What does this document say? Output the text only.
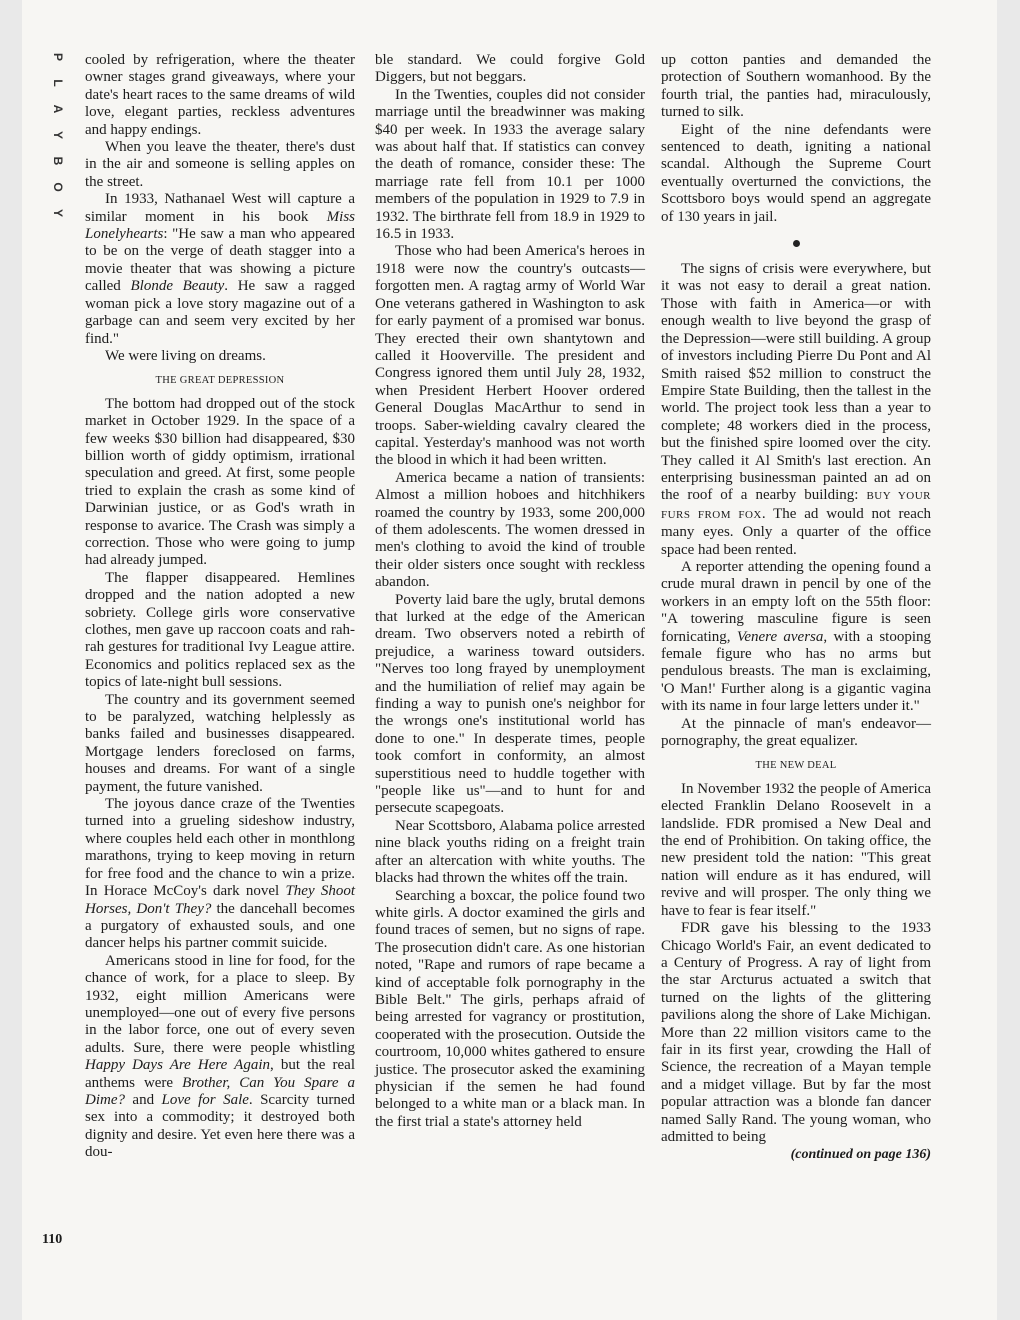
P
L
A
Y
B
O
Y

cooled by refrigeration, where the theater owner stages grand giveaways, where your date's heart races to the same dreams of wild love, elegant parties, reckless adventures and happy endings.

When you leave the theater, there's dust in the air and someone is selling apples on the street.

In 1933, Nathanael West will capture a similar moment in his book Miss Lonelyhearts: "He saw a man who appeared to be on the verge of death stagger into a movie theater that was showing a picture called Blonde Beauty. He saw a ragged woman pick a love story magazine out of a garbage can and seem very excited by her find."

We were living on dreams.

THE GREAT DEPRESSION

The bottom had dropped out of the stock market in October 1929. In the space of a few weeks $30 billion had disappeared, $30 billion worth of giddy optimism, irrational speculation and greed. At first, some people tried to explain the crash as some kind of Darwinian justice, or as God's wrath in response to avarice. The Crash was simply a correction. Those who were going to jump had already jumped.

The flapper disappeared. Hemlines dropped and the nation adopted a new sobriety. College girls wore conservative clothes, men gave up raccoon coats and rah-rah gestures for traditional Ivy League attire. Economics and politics replaced sex as the topics of late-night bull sessions.

The country and its government seemed to be paralyzed, watching helplessly as banks failed and businesses disappeared. Mortgage lenders foreclosed on farms, houses and dreams. For want of a single payment, the future vanished.

The joyous dance craze of the Twenties turned into a grueling sideshow industry, where couples held each other in monthlong marathons, trying to keep moving in return for free food and the chance to win a prize. In Horace McCoy's dark novel They Shoot Horses, Don't They? the dancehall becomes a purgatory of exhausted souls, and one dancer helps his partner commit suicide.

Americans stood in line for food, for the chance of work, for a place to sleep. By 1932, eight million Americans were unemployed—one out of every five persons in the labor force, one out of every seven adults. Sure, there were people whistling Happy Days Are Here Again, but the real anthems were Brother, Can You Spare a Dime? and Love for Sale. Scarcity turned sex into a commodity; it destroyed both dignity and desire. Yet even here there was a dou-

ble standard. We could forgive Gold Diggers, but not beggars.

In the Twenties, couples did not consider marriage until the breadwinner was making $40 per week. In 1933 the average salary was about half that. If statistics can convey the death of romance, consider these: The marriage rate fell from 10.1 per 1000 members of the population in 1929 to 7.9 in 1932. The birthrate fell from 18.9 in 1929 to 16.5 in 1933.

Those who had been America's heroes in 1918 were now the country's outcasts—forgotten men. A ragtag army of World War One veterans gathered in Washington to ask for early payment of a promised war bonus. They erected their own shantytown and called it Hooverville. The president and Congress ignored them until July 28, 1932, when President Herbert Hoover ordered General Douglas MacArthur to send in troops. Saber-wielding cavalry cleared the capital. Yesterday's manhood was not worth the blood in which it had been written.

America became a nation of transients: Almost a million hoboes and hitchhikers roamed the country by 1933, some 200,000 of them adolescents. The women dressed in men's clothing to avoid the kind of trouble their older sisters once sought with reckless abandon.

Poverty laid bare the ugly, brutal demons that lurked at the edge of the American dream. Two observers noted a rebirth of prejudice, a wariness toward outsiders. "Nerves too long frayed by unemployment and the humiliation of relief may again be finding a way to punish one's neighbor for the wrongs one's institutional world has done to one." In desperate times, people took comfort in conformity, an almost superstitious need to huddle together with "people like us"—and to hunt for and persecute scapegoats.

Near Scottsboro, Alabama police arrested nine black youths riding on a freight train after an altercation with white youths. The blacks had thrown the whites off the train.

Searching a boxcar, the police found two white girls. A doctor examined the girls and found traces of semen, but no signs of rape. The prosecution didn't care. As one historian noted, "Rape and rumors of rape became a kind of acceptable folk pornography in the Bible Belt." The girls, perhaps afraid of being arrested for vagrancy or prostitution, cooperated with the prosecution. Outside the courtroom, 10,000 whites gathered to ensure justice. The prosecutor asked the examining physician if the semen he had found belonged to a white man or a black man. In the first trial a state's attorney held

up cotton panties and demanded the protection of Southern womanhood. By the fourth trial, the panties had, miraculously, turned to silk.

Eight of the nine defendants were sentenced to death, igniting a national scandal. Although the Supreme Court eventually overturned the convictions, the Scottsboro boys would spend an aggregate of 130 years in jail.

The signs of crisis were everywhere, but it was not easy to derail a great nation. Those with faith in America—or with enough wealth to live beyond the grasp of the Depression—were still building. A group of investors including Pierre Du Pont and Al Smith raised $52 million to construct the Empire State Building, then the tallest in the world. The project took less than a year to complete; 48 workers died in the process, but the finished spire loomed over the city. They called it Al Smith's last erection. An enterprising businessman painted an ad on the roof of a nearby building: BUY YOUR FURS FROM FOX. The ad would not reach many eyes. Only a quarter of the office space had been rented.

A reporter attending the opening found a crude mural drawn in pencil by one of the workers in an empty loft on the 55th floor: "A towering masculine figure is seen fornicating, Venere aversa, with a stooping female figure who has no arms but pendulous breasts. The man is exclaiming, 'O Man!' Further along is a gigantic vagina with its name in four large letters under it."

At the pinnacle of man's endeavor—pornography, the great equalizer.

THE NEW DEAL

In November 1932 the people of America elected Franklin Delano Roosevelt in a landslide. FDR promised a New Deal and the end of Prohibition. On taking office, the new president told the nation: "This great nation will endure as it has endured, will revive and will prosper. The only thing we have to fear is fear itself."

FDR gave his blessing to the 1933 Chicago World's Fair, an event dedicated to a Century of Progress. A ray of light from the star Arcturus actuated a switch that turned on the lights of the glittering pavilions along the shore of Lake Michigan. More than 22 million visitors came to the fair in its first year, crowding the Hall of Science, the recreation of a Mayan temple and a midget village. But by far the most popular attraction was a blonde fan dancer named Sally Rand. The young woman, who admitted to being

(continued on page 136)
110
